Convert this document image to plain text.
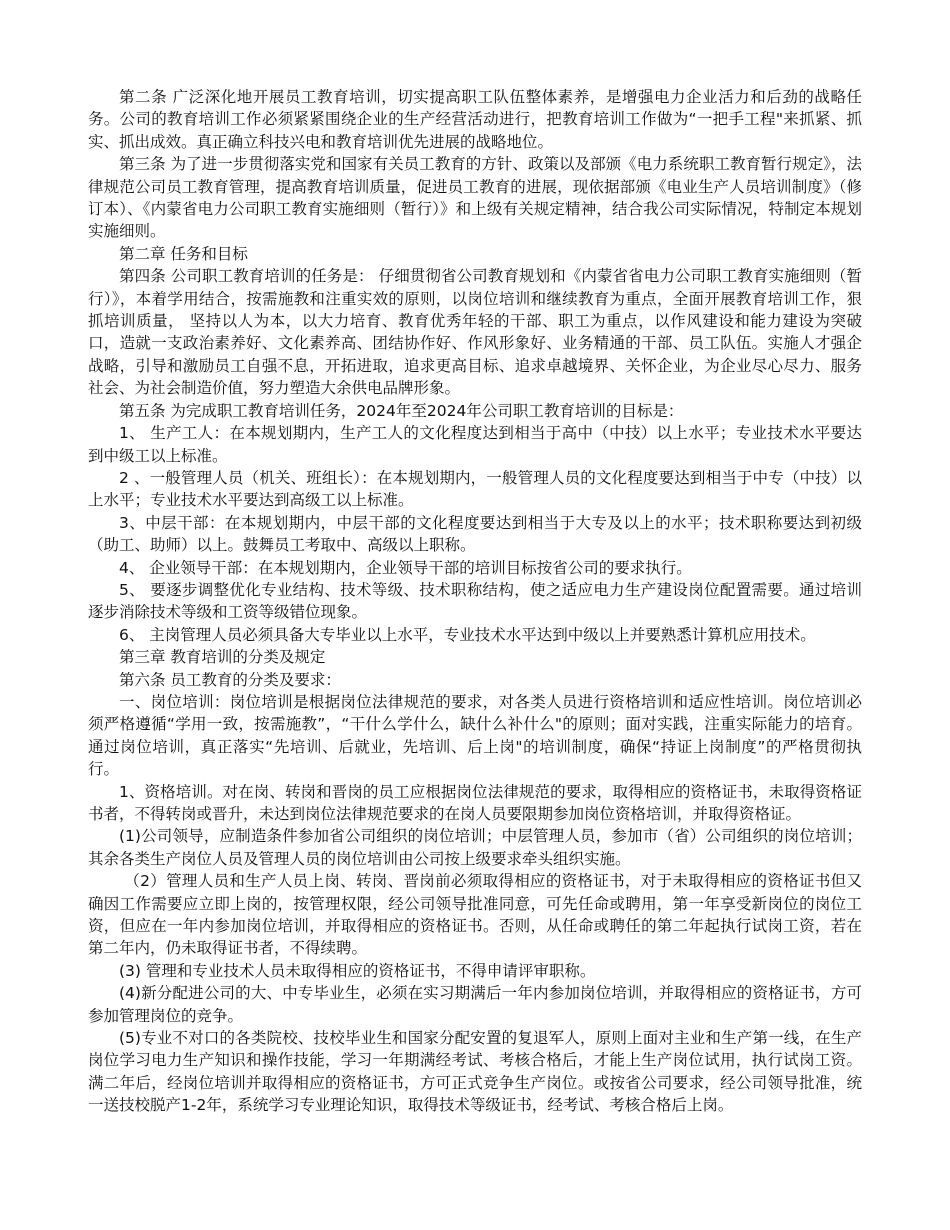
第二条 广泛深化地开展员工教育培训，切实提高职工队伍整体素养，是增强电力企业活力和后劲的战略任务。公司的教育培训工作必须紧紧围绕企业的生产经营活动进行，把教育培训工作做为“一把手工程"来抓紧、抓实、抓出成效。真正确立科技兴电和教育培训优先进展的战略地位。

第三条 为了进一步贯彻落实党和国家有关员工教育的方针、政策以及部颁《电力系统职工教育暂行规定》，法律规范公司员工教育管理，提高教育培训质量，促进员工教育的进展，现依据部颁《电业生产人员培训制度》（修订本）、《内蒙省电力公司职工教育实施细则（暂行）》和上级有关规定精神，结合我公司实际情况，特制定本规划实施细则。

第二章 任务和目标

第四条 公司职工教育培训的任务是： 仔细贯彻省公司教育规划和《内蒙省省电力公司职工教育实施细则（暂行）》，本着学用结合，按需施教和注重实效的原则，以岗位培训和继续教育为重点，全面开展教育培训工作，狠抓培训质量， 坚持以人为本，以大力培育、教育优秀年轻的干部、职工为重点，以作风建设和能力建设为突破口，造就一支政治素养好、文化素养高、团结协作好、作风形象好、业务精通的干部、员工队伍。实施人才强企战略，引导和激励员工自强不息，开拓进取，追求更高目标、追求卓越境界、关怀企业，为企业尽心尽力、服务社会、为社会制造价值，努力塑造大余供电品牌形象。

第五条 为完成职工教育培训任务，2024年至2024年公司职工教育培训的目标是：

1、 生产工人：在本规划期内，生产工人的文化程度达到相当于高中（中技）以上水平；专业技术水平要达到中级工以上标准。

2 、一般管理人员（机关、班组长）：在本规划期内，一般管理人员的文化程度要达到相当于中专（中技）以上水平；专业技术水平要达到高级工以上标准。

3、中层干部：在本规划期内，中层干部的文化程度要达到相当于大专及以上的水平；技术职称要达到初级（助工、助师）以上。鼓舞员工考取中、高级以上职称。

4、 企业领导干部：在本规划期内，企业领导干部的培训目标按省公司的要求执行。

5、 要逐步调整优化专业结构、技术等级、技术职称结构，使之适应电力生产建设岗位配置需要。通过培训逐步消除技术等级和工资等级错位现象。

6、 主岗管理人员必须具备大专毕业以上水平，专业技术水平达到中级以上并要熟悉计算机应用技术。

第三章 教育培训的分类及规定

第六条 员工教育的分类及要求：

一、岗位培训：岗位培训是根据岗位法律规范的要求，对各类人员进行资格培训和适应性培训。岗位培训必须严格遵循“学用一致，按需施教”，“干什么学什么，缺什么补什么"的原则；面对实践，注重实际能力的培育。通过岗位培训，真正落实“先培训、后就业，先培训、后上岗"的培训制度，确保“持证上岗制度”的严格贯彻执行。

1、资格培训。对在岗、转岗和晋岗的员工应根据岗位法律规范的要求，取得相应的资格证书，未取得资格证书者，不得转岗或晋升，未达到岗位法律规范要求的在岗人员要限期参加岗位资格培训，并取得资格证。

(1)公司领导，应制造条件参加省公司组织的岗位培训；中层管理人员，参加市（省）公司组织的岗位培训；其余各类生产岗位人员及管理人员的岗位培训由公司按上级要求牵头组织实施。

（2）管理人员和生产人员上岗、转岗、晋岗前必须取得相应的资格证书，对于未取得相应的资格证书但又确因工作需要应立即上岗的，按管理权限，经公司领导批准同意，可先任命或聘用，第一年享受新岗位的岗位工资，但应在一年内参加岗位培训，并取得相应的资格证书。否则，从任命或聘任的第二年起执行试岗工资，若在第二年内，仍未取得证书者，不得续聘。

(3) 管理和专业技术人员未取得相应的资格证书，不得申请评审职称。

(4)新分配进公司的大、中专毕业生，必须在实习期满后一年内参加岗位培训，并取得相应的资格证书，方可参加管理岗位的竞争。

(5)专业不对口的各类院校、技校毕业生和国家分配安置的复退军人，原则上面对主业和生产第一线，在生产岗位学习电力生产知识和操作技能，学习一年期满经考试、考核合格后，才能上生产岗位试用，执行试岗工资。满二年后，经岗位培训并取得相应的资格证书，方可正式竞争生产岗位。或按省公司要求，经公司领导批准，统一送技校脱产1-2年，系统学习专业理论知识，取得技术等级证书，经考试、考核合格后上岗。
